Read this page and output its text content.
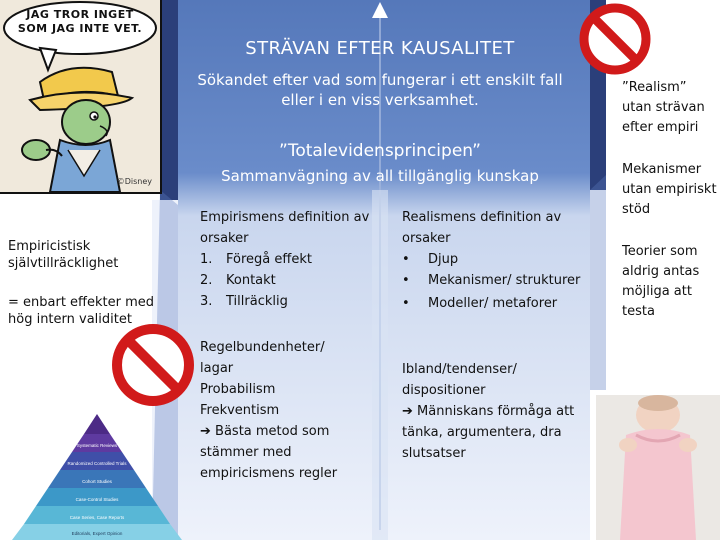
JAG TROR INGET SOM JAG INTE VET.
©Disney
STRÄVAN EFTER KAUSALITET
Sökandet efter vad som fungerar i ett enskilt fall eller i en viss verksamhet.
”Totalevidensprincipen”
Sammanvägning av all tillgänglig kunskap

Empiricistisk självtillräcklighet

= enbart effekter med hög intern validitet

Systematic Reviews
Randomized Controlled Trials
Cohort Studies
Case-Control Studies
Case Series, Case Reports
Editorials, Expert Opinion

Empirismens definition av orsaker

1.	Föregå effekt
2.	Kontakt
3.	Tillräcklig

Realismens definition av orsaker

•	Djup
•	Mekanismer/ strukturer
•	Modeller/ metaforer

Regelbundenheter/

lagar

Probabilism

Frekventism

➔ Bästa metod som stämmer med empiricismens regler

Ibland/tendenser/

dispositioner

➔ Människans förmåga att tänka, argumentera, dra slutsatser

”Realism” utan strävan efter empiri

Mekanismer utan empiriskt stöd

Teorier som aldrig antas möjliga att testa
